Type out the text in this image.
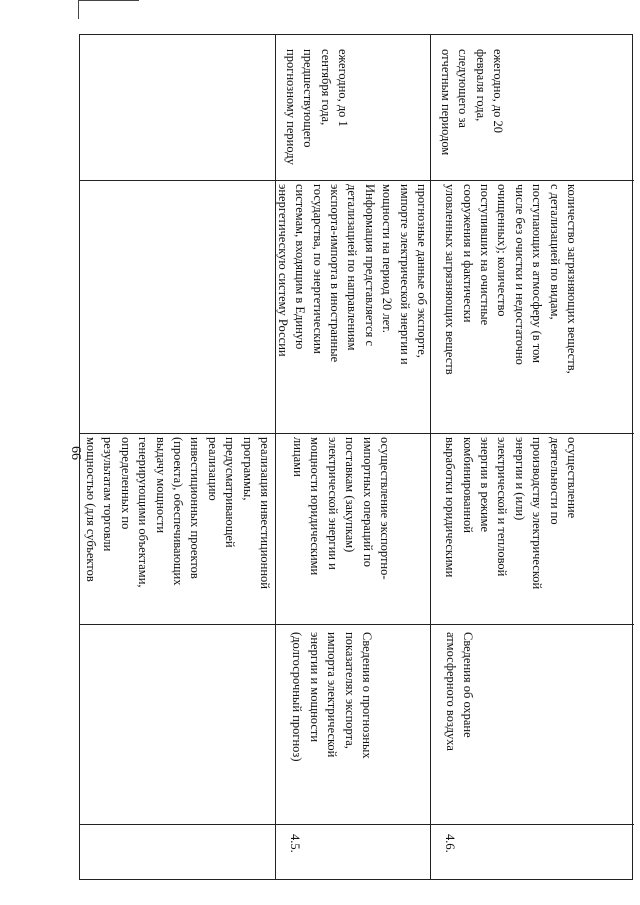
66	реализация инвестиционной
программы,
предусматривающей
реализацию
инвестиционных проектов
(проекта), обеспечивающих
выдачу мощности
генерирующими объектами,
определенных по
результатам торговли
мощностью (для субъектов
4.5.
Сведения о прогнозных
показателях экспорта,
импорта электрической
энергии и мощности
(долгосрочный прогноз)
осуществление экспортно-
импортных операций по
поставкам (закупкам)
электрической энергии и
мощности юридическими
лицами
прогнозные данные об экспорте,
импорте электрической энергии и
мощности на период 20 лет.
Информация представляется с
детализацией по направлениям
экспорта-импорта в иностранные
государства, по энергетическим
системам, входящим в Единую
энергетическую систему России
ежегодно, до 1
сентября года,
предшествующего
прогнозному периоду
4.6.
Сведения об охране
атмосферного воздуха
осуществление
деятельности по
производству электрической
энергии и (или)
электрической и тепловой
энергии в режиме
комбинированной
выработки юридическими
количество загрязняющих веществ,
с детализацией по видам,
поступающих в атмосферу (в том
числе без очистки и недостаточно
очищенных); количество
поступивших на очистные
сооружения и фактически
уловленных загрязняющих веществ
ежегодно, до 20
февраля года,
следующего за
отчетным периодом
